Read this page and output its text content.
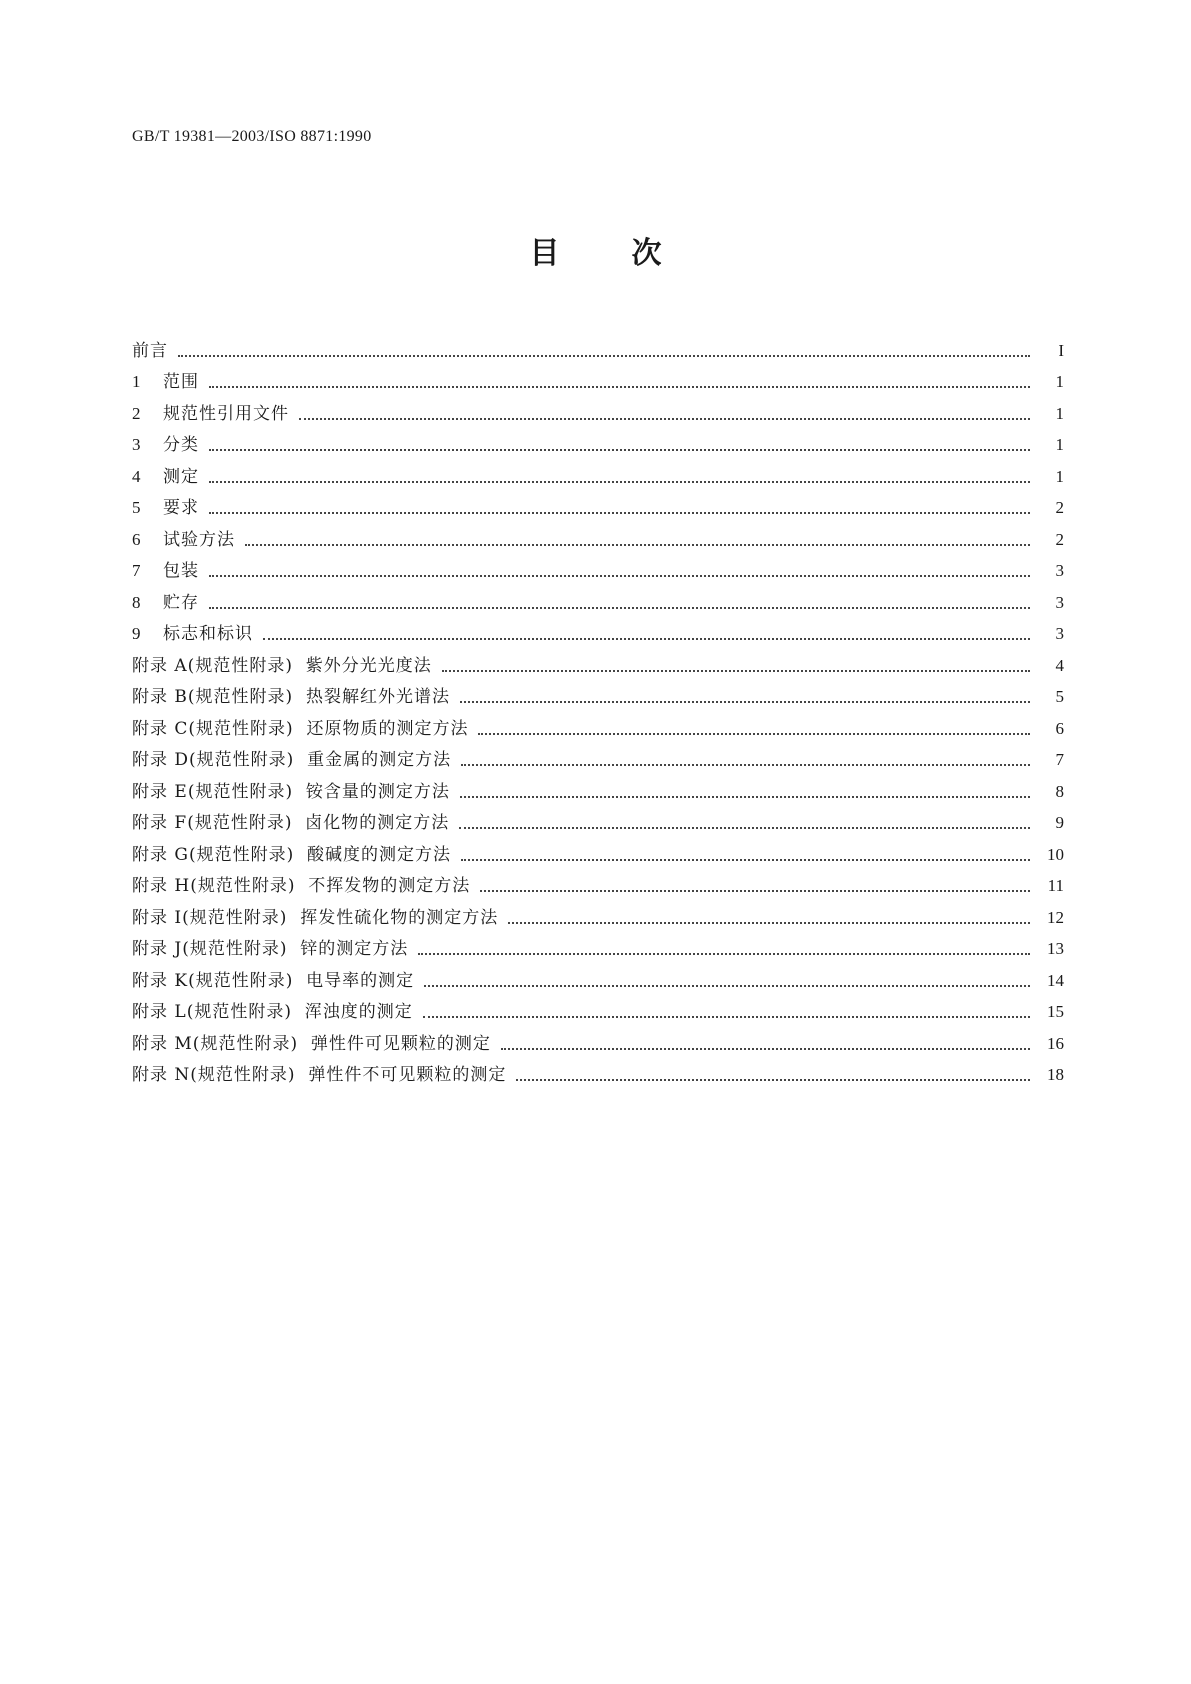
GB/T 19381—2003/ISO 8871:1990
目次
前言	I
1	范围	1
2	规范性引用文件	1
3	分类	1
4	测定	1
5	要求	2
6	试验方法	2
7	包装	3
8	贮存	3
9	标志和标识	3
附录 A(规范性附录)  紫外分光光度法	4
附录 B(规范性附录)  热裂解红外光谱法	5
附录 C(规范性附录)  还原物质的测定方法	6
附录 D(规范性附录)  重金属的测定方法	7
附录 E(规范性附录)  铵含量的测定方法	8
附录 F(规范性附录)  卤化物的测定方法	9
附录 G(规范性附录)  酸碱度的测定方法	10
附录 H(规范性附录)  不挥发物的测定方法	11
附录 I(规范性附录)  挥发性硫化物的测定方法	12
附录 J(规范性附录)  锌的测定方法	13
附录 K(规范性附录)  电导率的测定	14
附录 L(规范性附录)  浑浊度的测定	15
附录 M(规范性附录)  弹性件可见颗粒的测定	16
附录 N(规范性附录)  弹性件不可见颗粒的测定	18
